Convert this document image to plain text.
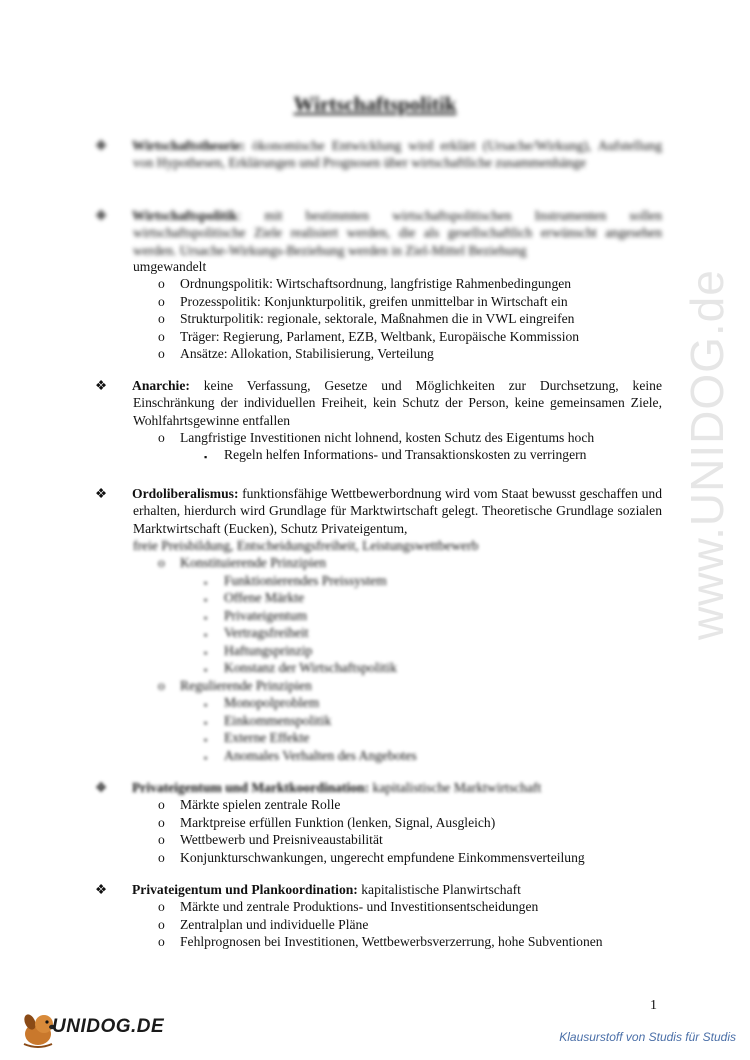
www.UNIDOG.de
Wirtschaftspolitik

❖ Wirtschaftstheorie: ökonomische Entwicklung wird erklärt (Ursache/Wirkung), Aufstellung von Hypothesen, Erklärungen und Prognosen über wirtschaftliche zusammenhänge

❖ Wirtschaftspolitik: mit bestimmten wirtschaftspolitischen Instrumenten sollen wirtschaftspolitische Ziele realisiert werden, die als gesellschaftlich erwünscht angesehen werden. Ursache-Wirkungs-Beziehung werden in Ziel-Mittel Beziehung

umgewandelt
o Ordnungspolitik: Wirtschaftsordnung, langfristige Rahmenbedingungen
o Prozesspolitik: Konjunkturpolitik, greifen unmittelbar in Wirtschaft ein
o Strukturpolitik: regionale, sektorale, Maßnahmen die in VWL eingreifen
o Träger: Regierung, Parlament, EZB, Weltbank, Europäische Kommission
o Ansätze: Allokation, Stabilisierung, Verteilung

❖ Anarchie: keine Verfassung, Gesetze und Möglichkeiten zur Durchsetzung, keine Einschränkung der individuellen Freiheit, kein Schutz der Person, keine gemeinsamen Ziele, Wohlfahrtsgewinne entfallen

o Langfristige Investitionen nicht lohnend, kosten Schutz des Eigentums hoch
▪ Regeln helfen Informations- und Transaktionskosten zu verringern

❖ Ordoliberalismus: funktionsfähige Wettbewerbordnung wird vom Staat bewusst geschaffen und erhalten, hierdurch wird Grundlage für Marktwirtschaft gelegt. Theoretische Grundlage sozialen Marktwirtschaft (Eucken), Schutz Privateigentum,

freie Preisbildung, Entscheidungsfreiheit, Leistungswettbewerb
o Konstituierende Prinzipien
▪ Funktionierendes Preissystem
▪ Offene Märkte
▪ Privateigentum
▪ Vertragsfreiheit
▪ Haftungsprinzip
▪ Konstanz der Wirtschaftspolitik
o Regulierende Prinzipien
▪ Monopolproblem
▪ Einkommenspolitik
▪ Externe Effekte
▪ Anomales Verhalten des Angebotes

❖ Privateigentum und Marktkoordination: kapitalistische Marktwirtschaft

o Märkte spielen zentrale Rolle
o Marktpreise erfüllen Funktion (lenken, Signal, Ausgleich)
o Wettbewerb und Preisniveaustabilität
o Konjunkturschwankungen, ungerecht empfundene Einkommensverteilung

❖ Privateigentum und Plankoordination: kapitalistische Planwirtschaft

o Märkte und zentrale Produktions- und Investitionsentscheidungen
o Zentralplan und individuelle Pläne
o Fehlprognosen bei Investitionen, Wettbewerbsverzerrung, hohe Subventionen
1
UNIDOG.DE	Klausurstoff von Studis für Studis
